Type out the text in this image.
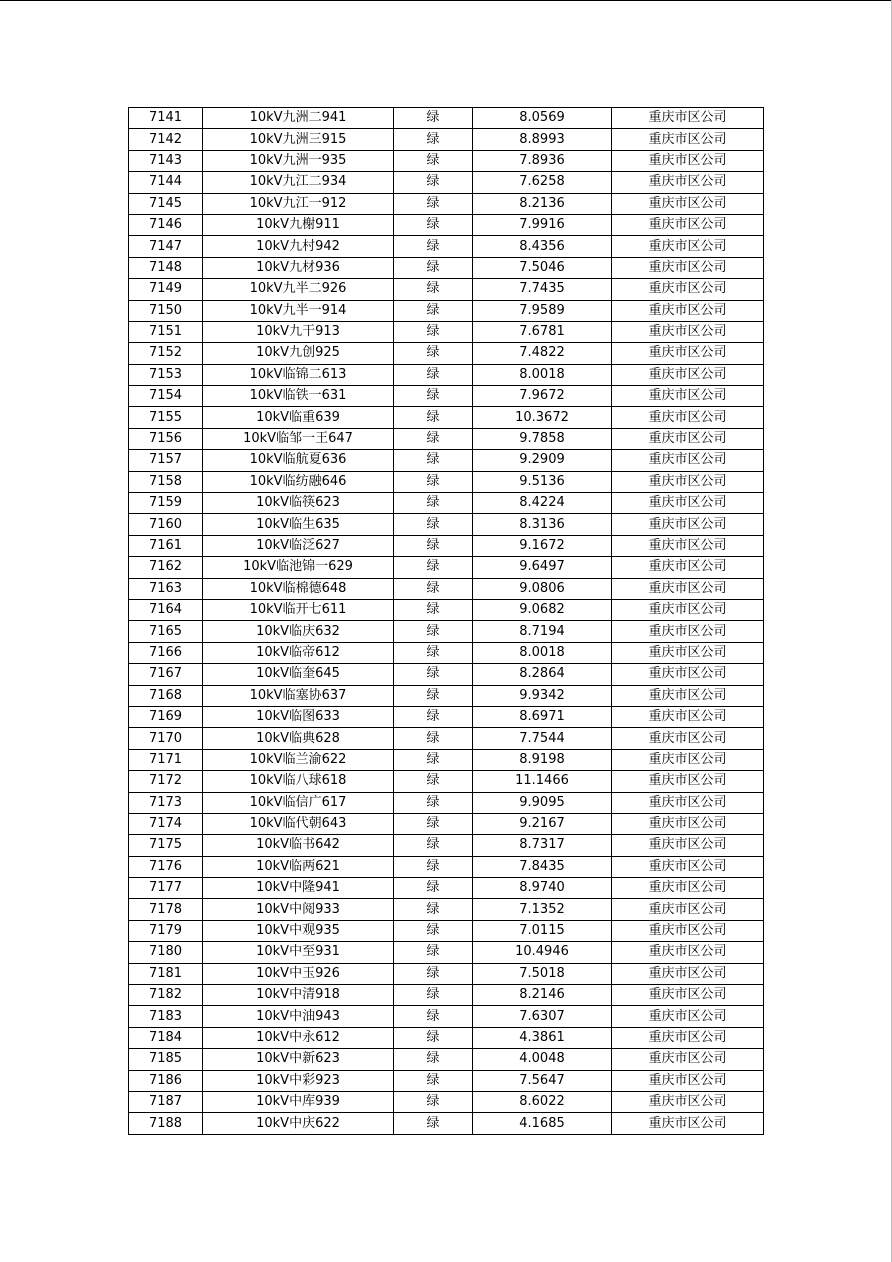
7141	10kV九洲二941	绿	8.0569	重庆市区公司
7142	10kV九洲三915	绿	8.8993	重庆市区公司
7143	10kV九洲一935	绿	7.8936	重庆市区公司
7144	10kV九江二934	绿	7.6258	重庆市区公司
7145	10kV九江一912	绿	8.2136	重庆市区公司
7146	10kV九榭911	绿	7.9916	重庆市区公司
7147	10kV九村942	绿	8.4356	重庆市区公司
7148	10kV九材936	绿	7.5046	重庆市区公司
7149	10kV九半二926	绿	7.7435	重庆市区公司
7150	10kV九半一914	绿	7.9589	重庆市区公司
7151	10kV九干913	绿	7.6781	重庆市区公司
7152	10kV九创925	绿	7.4822	重庆市区公司
7153	10kV临锦二613	绿	8.0018	重庆市区公司
7154	10kV临铁一631	绿	7.9672	重庆市区公司
7155	10kV临重639	绿	10.3672	重庆市区公司
7156	10kV临邹一王647	绿	9.7858	重庆市区公司
7157	10kV临航夏636	绿	9.2909	重庆市区公司
7158	10kV临纺融646	绿	9.5136	重庆市区公司
7159	10kV临筷623	绿	8.4224	重庆市区公司
7160	10kV临生635	绿	8.3136	重庆市区公司
7161	10kV临泛627	绿	9.1672	重庆市区公司
7162	10kV临池锦一629	绿	9.6497	重庆市区公司
7163	10kV临棉德648	绿	9.0806	重庆市区公司
7164	10kV临开七611	绿	9.0682	重庆市区公司
7165	10kV临庆632	绿	8.7194	重庆市区公司
7166	10kV临帝612	绿	8.0018	重庆市区公司
7167	10kV临奎645	绿	8.2864	重庆市区公司
7168	10kV临塞协637	绿	9.9342	重庆市区公司
7169	10kV临图633	绿	8.6971	重庆市区公司
7170	10kV临典628	绿	7.7544	重庆市区公司
7171	10kV临兰渝622	绿	8.9198	重庆市区公司
7172	10kV临八球618	绿	11.1466	重庆市区公司
7173	10kV临信广617	绿	9.9095	重庆市区公司
7174	10kV临代朝643	绿	9.2167	重庆市区公司
7175	10kV临书642	绿	8.7317	重庆市区公司
7176	10kV临两621	绿	7.8435	重庆市区公司
7177	10kV中隆941	绿	8.9740	重庆市区公司
7178	10kV中阅933	绿	7.1352	重庆市区公司
7179	10kV中观935	绿	7.0115	重庆市区公司
7180	10kV中至931	绿	10.4946	重庆市区公司
7181	10kV中玉926	绿	7.5018	重庆市区公司
7182	10kV中清918	绿	8.2146	重庆市区公司
7183	10kV中油943	绿	7.6307	重庆市区公司
7184	10kV中永612	绿	4.3861	重庆市区公司
7185	10kV中新623	绿	4.0048	重庆市区公司
7186	10kV中彩923	绿	7.5647	重庆市区公司
7187	10kV中库939	绿	8.6022	重庆市区公司
7188	10kV中庆622	绿	4.1685	重庆市区公司
